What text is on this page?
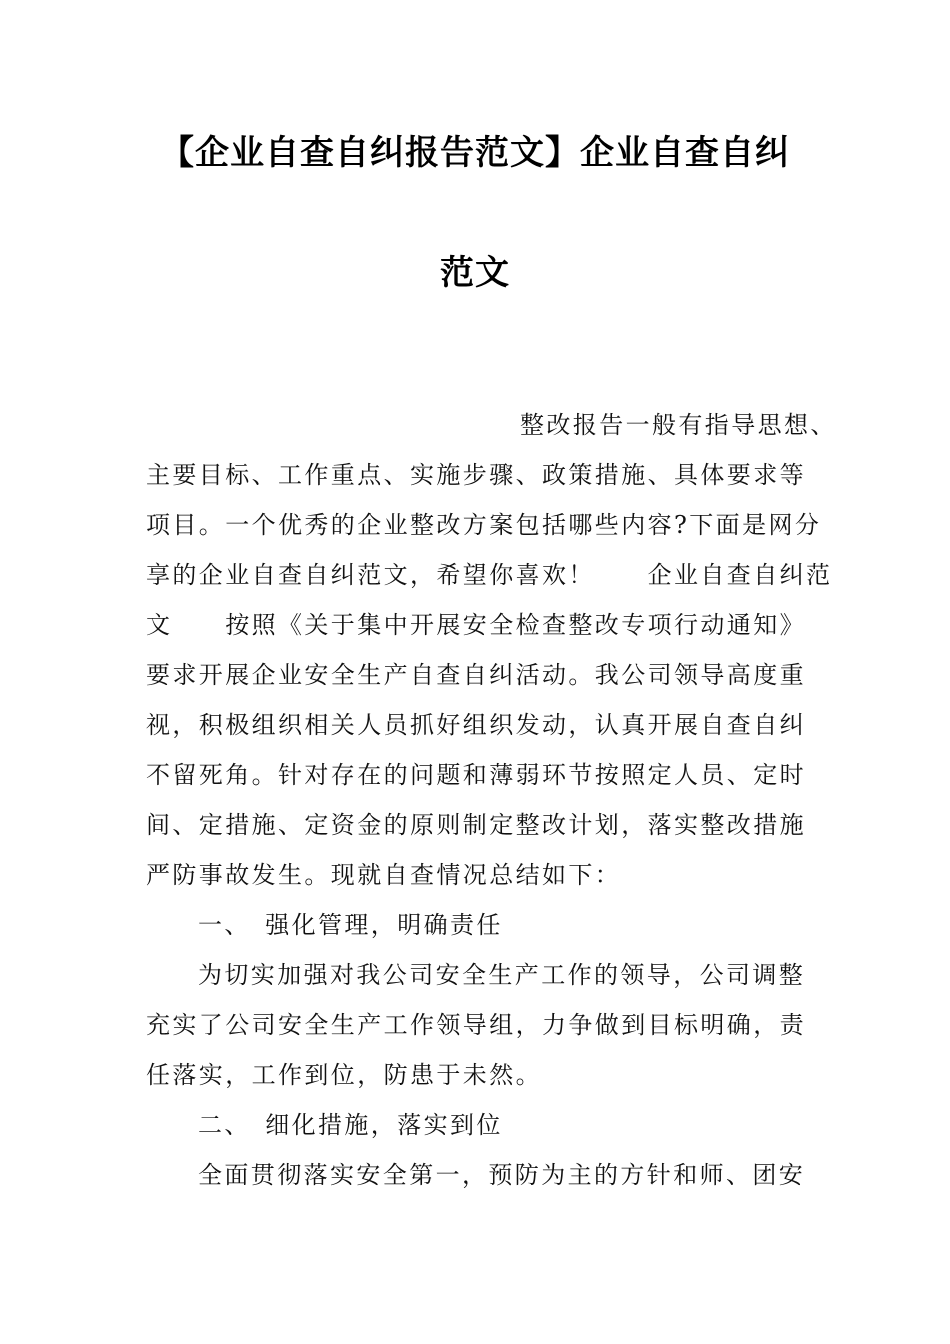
【企业自查自纠报告范文】企业自查自纠
范文
整改报告一般有指导思想、
主要目标、工作重点、实施步骤、政策措施、具体要求等
项目。一个优秀的企业整改方案包括哪些内容?下面是网分
享的企业自查自纠范文，希望你喜欢！　　企业自查自纠范
文　　按照《关于集中开展安全检查整改专项行动通知》
要求开展企业安全生产自查自纠活动。我公司领导高度重
视，积极组织相关人员抓好组织发动，认真开展自查自纠
不留死角。针对存在的问题和薄弱环节按照定人员、定时
间、定措施、定资金的原则制定整改计划，落实整改措施
严防事故发生。现就自查情况总结如下：
一、　强化管理，明确责任
为切实加强对我公司安全生产工作的领导，公司调整
充实了公司安全生产工作领导组，力争做到目标明确，责
任落实，工作到位，防患于未然。
二、　细化措施，落实到位
全面贯彻落实安全第一，预防为主的方针和师、团安
